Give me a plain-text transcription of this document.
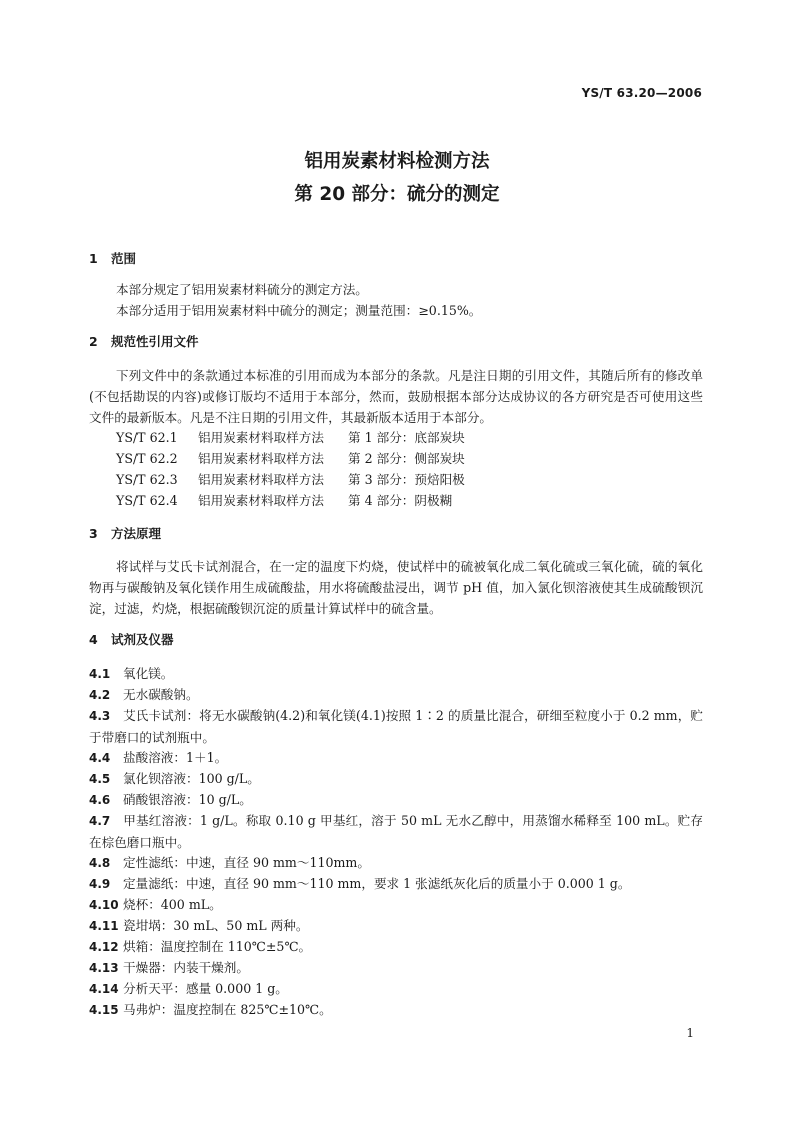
YS/T 63.20—2006
铝用炭素材料检测方法
第 20 部分：硫分的测定
1 范围
本部分规定了铝用炭素材料硫分的测定方法。
本部分适用于铝用炭素材料中硫分的测定；测量范围：≥0.15%。
2 规范性引用文件
下列文件中的条款通过本标准的引用而成为本部分的条款。凡是注日期的引用文件，其随后所有的修改单(不包括勘误的内容)或修订版均不适用于本部分，然而，鼓励根据本部分达成协议的各方研究是否可使用这些文件的最新版本。凡是不注日期的引用文件，其最新版本适用于本部分。
YS/T 62.1 铝用炭素材料取样方法 第 1 部分：底部炭块
YS/T 62.2 铝用炭素材料取样方法 第 2 部分：侧部炭块
YS/T 62.3 铝用炭素材料取样方法 第 3 部分：预焙阳极
YS/T 62.4 铝用炭素材料取样方法 第 4 部分：阴极糊
3 方法原理
将试样与艾氏卡试剂混合，在一定的温度下灼烧，使试样中的硫被氧化成二氧化硫或三氧化硫，硫的氧化物再与碳酸钠及氧化镁作用生成硫酸盐，用水将硫酸盐浸出，调节 pH 值，加入氯化钡溶液使其生成硫酸钡沉淀，过滤，灼烧，根据硫酸钡沉淀的质量计算试样中的硫含量。
4 试剂及仪器
4.1 氧化镁。
4.2 无水碳酸钠。
4.3 艾氏卡试剂：将无水碳酸钠(4.2)和氧化镁(4.1)按照 1∶2 的质量比混合，研细至粒度小于 0.2 mm，贮于带磨口的试剂瓶中。
4.4 盐酸溶液：1＋1。
4.5 氯化钡溶液：100 g/L。
4.6 硝酸银溶液：10 g/L。
4.7 甲基红溶液：1 g/L。称取 0.10 g 甲基红，溶于 50 mL 无水乙醇中，用蒸馏水稀释至 100 mL。贮存在棕色磨口瓶中。
4.8 定性滤纸：中速，直径 90 mm～110mm。
4.9 定量滤纸：中速，直径 90 mm～110 mm，要求 1 张滤纸灰化后的质量小于 0.000 1 g。
4.10 烧杯：400 mL。
4.11 瓷坩埚：30 mL、50 mL 两种。
4.12 烘箱：温度控制在 110℃±5℃。
4.13 干燥器：内装干燥剂。
4.14 分析天平：感量 0.000 1 g。
4.15 马弗炉：温度控制在 825℃±10℃。
1
